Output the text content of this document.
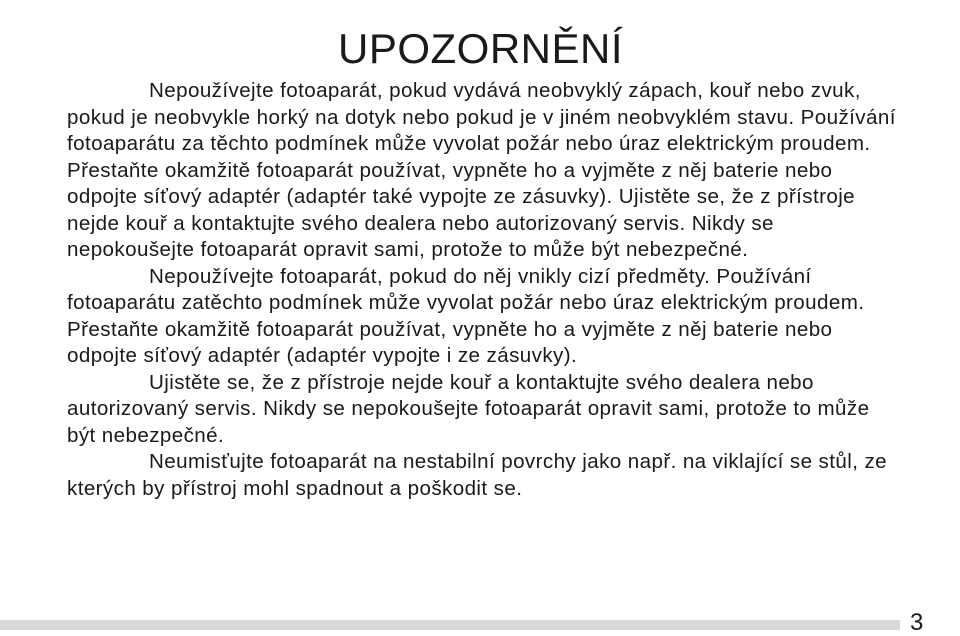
UPOZORNĚNÍ

Nepoužívejte fotoaparát, pokud vydává neobvyklý zápach, kouř nebo zvuk, pokud je neobvykle horký na dotyk nebo pokud je v jiném neobvyklém stavu. Používání fotoaparátu za těchto podmínek může vyvolat požár nebo úraz elektrickým proudem. Přestaňte okamžitě fotoaparát používat, vypněte ho a vyjměte z něj baterie nebo odpojte síťový adaptér (adaptér také vypojte ze zásuvky). Ujistěte se, že z přístroje nejde kouř a kontaktujte svého dealera nebo autorizovaný servis. Nikdy se nepokoušejte fotoaparát opravit sami, protože to může být nebezpečné.

Nepoužívejte fotoaparát, pokud do něj vnikly cizí předměty. Používání fotoaparátu zatěchto podmínek může vyvolat požár nebo úraz elektrickým proudem. Přestaňte okamžitě fotoaparát používat, vypněte ho a vyjměte z něj baterie nebo odpojte síťový adaptér (adaptér vypojte i ze zásuvky).

Ujistěte se, že z přístroje nejde kouř a kontaktujte svého dealera nebo autorizovaný servis. Nikdy se nepokoušejte fotoaparát opravit sami, protože to může být nebezpečné.

Neumisťujte fotoaparát na nestabilní povrchy jako např. na viklající se stůl, ze kterých by přístroj mohl spadnout a poškodit se.

3
